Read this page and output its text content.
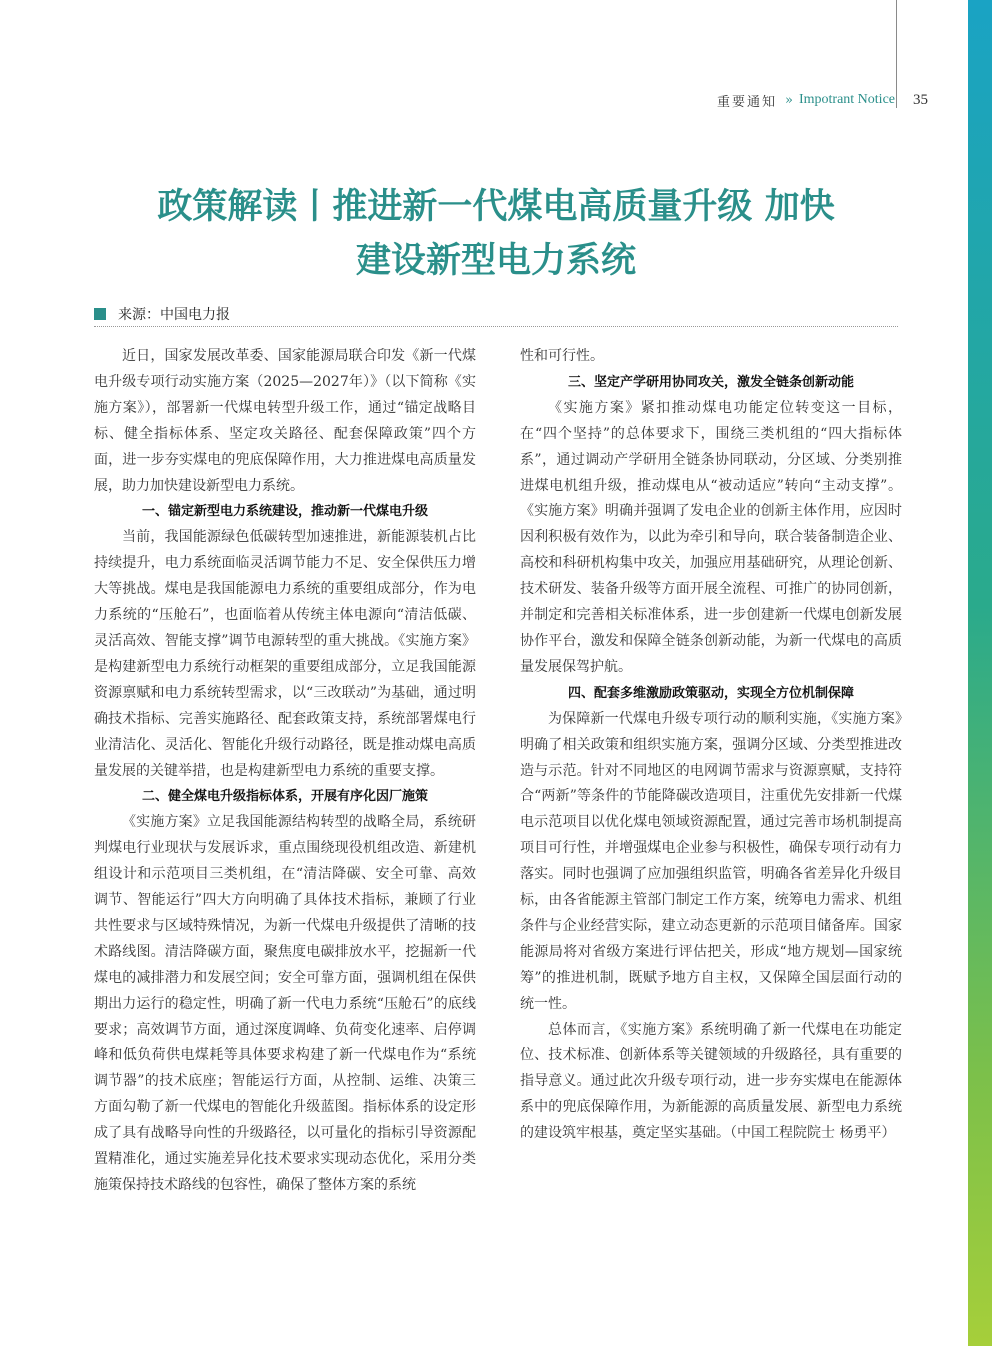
重要通知 » Impotrant Notice 35
政策解读丨推进新一代煤电高质量升级 加快
建设新型电力系统
来源：中国电力报

近日，国家发展改革委、国家能源局联合印发《新一代煤电升级专项行动实施方案（2025—2027年）》（以下简称《实施方案》），部署新一代煤电转型升级工作，通过“锚定战略目标、健全指标体系、坚定攻关路径、配套保障政策”四个方面，进一步夯实煤电的兜底保障作用，大力推进煤电高质量发展，助力加快建设新型电力系统。

一、锚定新型电力系统建设，推动新一代煤电升级

当前，我国能源绿色低碳转型加速推进，新能源装机占比持续提升，电力系统面临灵活调节能力不足、安全保供压力增大等挑战。煤电是我国能源电力系统的重要组成部分，作为电力系统的“压舱石”，也面临着从传统主体电源向“清洁低碳、灵活高效、智能支撑”调节电源转型的重大挑战。《实施方案》是构建新型电力系统行动框架的重要组成部分，立足我国能源资源禀赋和电力系统转型需求，以“三改联动”为基础，通过明确技术指标、完善实施路径、配套政策支持，系统部署煤电行业清洁化、灵活化、智能化升级行动路径，既是推动煤电高质量发展的关键举措，也是构建新型电力系统的重要支撑。

二、健全煤电升级指标体系，开展有序化因厂施策

《实施方案》立足我国能源结构转型的战略全局，系统研判煤电行业现状与发展诉求，重点围绕现役机组改造、新建机组设计和示范项目三类机组，在“清洁降碳、安全可靠、高效调节、智能运行”四大方向明确了具体技术指标，兼顾了行业共性要求与区域特殊情况，为新一代煤电升级提供了清晰的技术路线图。清洁降碳方面，聚焦度电碳排放水平，挖掘新一代煤电的减排潜力和发展空间；安全可靠方面，强调机组在保供期出力运行的稳定性，明确了新一代电力系统“压舱石”的底线要求；高效调节方面，通过深度调峰、负荷变化速率、启停调峰和低负荷供电煤耗等具体要求构建了新一代煤电作为“系统调节器”的技术底座；智能运行方面，从控制、运维、决策三方面勾勒了新一代煤电的智能化升级蓝图。指标体系的设定形成了具有战略导向性的升级路径，以可量化的指标引导资源配置精准化，通过实施差异化技术要求实现动态优化，采用分类施策保持技术路线的包容性，确保了整体方案的系统

性和可行性。

三、坚定产学研用协同攻关，激发全链条创新动能

《实施方案》紧扣推动煤电功能定位转变这一目标，在“四个坚持”的总体要求下，围绕三类机组的“四大指标体系”，通过调动产学研用全链条协同联动，分区域、分类别推进煤电机组升级，推动煤电从“被动适应”转向“主动支撑”。《实施方案》明确并强调了发电企业的创新主体作用，应因时因利积极有效作为，以此为牵引和导向，联合装备制造企业、高校和科研机构集中攻关，加强应用基础研究，从理论创新、技术研发、装备升级等方面开展全流程、可推广的协同创新，并制定和完善相关标准体系，进一步创建新一代煤电创新发展协作平台，激发和保障全链条创新动能，为新一代煤电的高质量发展保驾护航。

四、配套多维激励政策驱动，实现全方位机制保障

为保障新一代煤电升级专项行动的顺利实施，《实施方案》明确了相关政策和组织实施方案，强调分区域、分类型推进改造与示范。针对不同地区的电网调节需求与资源禀赋，支持符合“两新”等条件的节能降碳改造项目，注重优先安排新一代煤电示范项目以优化煤电领域资源配置，通过完善市场机制提高项目可行性，并增强煤电企业参与积极性，确保专项行动有力落实。同时也强调了应加强组织监管，明确各省差异化升级目标，由各省能源主管部门制定工作方案，统筹电力需求、机组条件与企业经营实际，建立动态更新的示范项目储备库。国家能源局将对省级方案进行评估把关，形成“地方规划—国家统筹”的推进机制，既赋予地方自主权，又保障全国层面行动的统一性。

总体而言，《实施方案》系统明确了新一代煤电在功能定位、技术标准、创新体系等关键领域的升级路径，具有重要的指导意义。通过此次升级专项行动，进一步夯实煤电在能源体系中的兜底保障作用，为新能源的高质量发展、新型电力系统的建设筑牢根基，奠定坚实基础。（中国工程院院士 杨勇平）
